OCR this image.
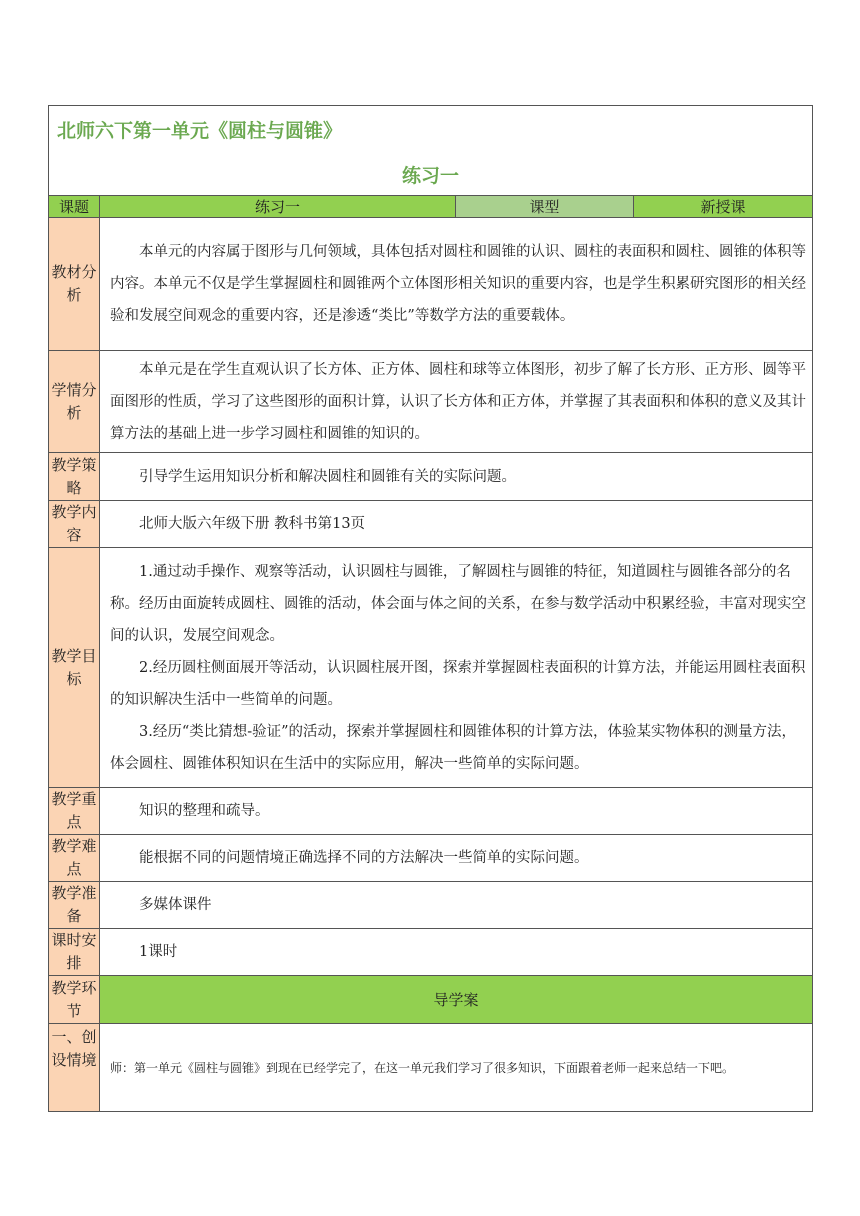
北师六下第一单元《圆柱与圆锥》
练习一			

课题	练习一	课型	新授课
教材分析	本单元的内容属于图形与几何领域，具体包括对圆柱和圆锥的认识、圆柱的表面积和圆柱、圆锥的体积等内容。本单元不仅是学生掌握圆柱和圆锥两个立体图形相关知识的重要内容，也是学生积累研究图形的相关经验和发展空间观念的重要内容，还是渗透“类比”等数学方法的重要载体。		

学情分析	本单元是在学生直观认识了长方体、正方体、圆柱和球等立体图形，初步了解了长方形、正方形、圆等平面图形的性质，学习了这些图形的面积计算，认识了长方体和正方体，并掌握了其表面积和体积的意义及其计算方法的基础上进一步学习圆柱和圆锥的知识的。		

教学策略	引导学生运用知识分析和解决圆柱和圆锥有关的实际问题。		

教学内容	北师大版六年级下册 教科书第13页		

教学目标	1.通过动手操作、观察等活动，认识圆柱与圆锥，了解圆柱与圆锥的特征，知道圆柱与圆锥各部分的名称。经历由面旋转成圆柱、圆锥的活动，体会面与体之间的关系，在参与数学活动中积累经验，丰富对现实空间的认识，发展空间观念。

2.经历圆柱侧面展开等活动，认识圆柱展开图，探索并掌握圆柱表面积的计算方法，并能运用圆柱表面积的知识解决生活中一些简单的问题。

3.经历“类比猜想-验证”的活动，探索并掌握圆柱和圆锥体积的计算方法，体验某实物体积的测量方法，体会圆柱、圆锥体积知识在生活中的实际应用，解决一些简单的实际问题。		

教学重点	知识的整理和疏导。		

教学难点	能根据不同的问题情境正确选择不同的方法解决一些简单的实际问题。		

教学准备	多媒体课件		

课时安排	1课时		

教学环节	导学案		
一、创设情境	师：第一单元《圆柱与圆锥》到现在已经学完了，在这一单元我们学习了很多知识，下面跟着老师一起来总结一下吧。		
